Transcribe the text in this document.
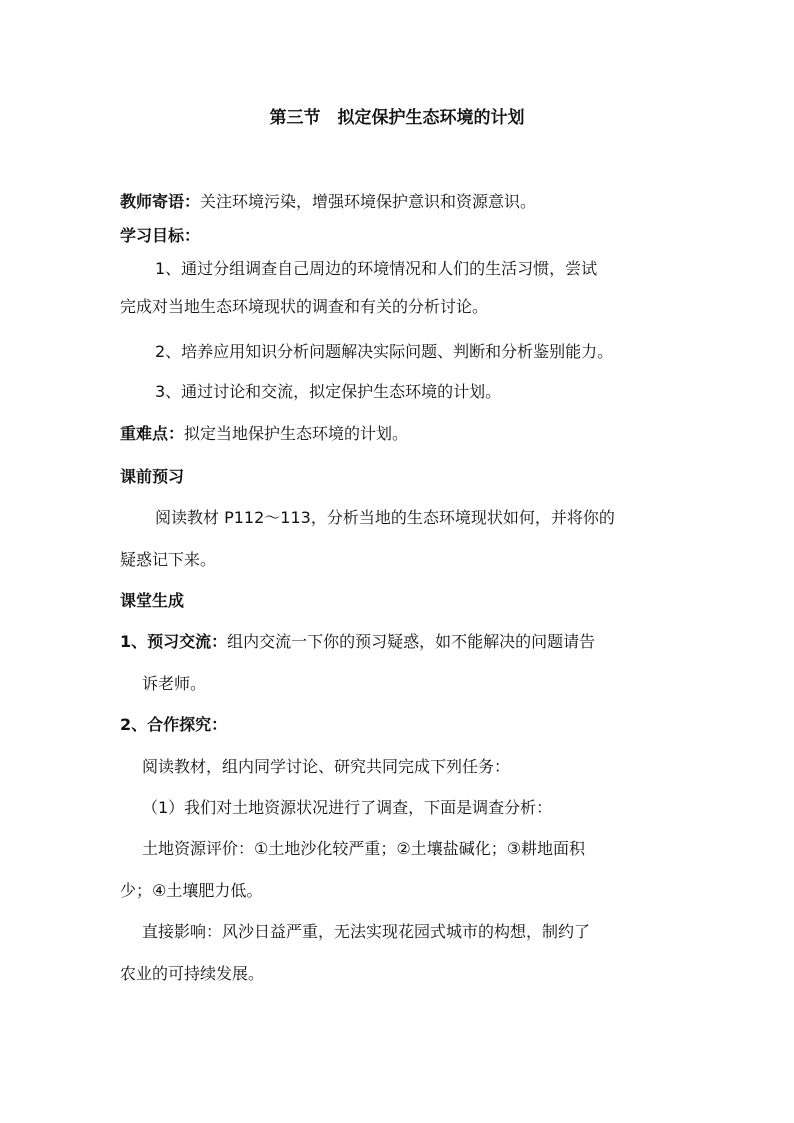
第三节　拟定保护生态环境的计划
教师寄语：关注环境污染，增强环境保护意识和资源意识。
学习目标：
1、通过分组调查自己周边的环境情况和人们的生活习惯，尝试
完成对当地生态环境现状的调查和有关的分析讨论。
2、培养应用知识分析问题解决实际问题、判断和分析鉴别能力。
3、通过讨论和交流，拟定保护生态环境的计划。
重难点：拟定当地保护生态环境的计划。
课前预习
阅读教材 P112～113，分析当地的生态环境现状如何，并将你的
疑惑记下来。
课堂生成
1、预习交流：组内交流一下你的预习疑惑，如不能解决的问题请告
诉老师。
2、合作探究：
阅读教材，组内同学讨论、研究共同完成下列任务：
（1）我们对土地资源状况进行了调查，下面是调查分析：
土地资源评价：①土地沙化较严重；②土壤盐碱化；③耕地面积
少；④土壤肥力低。
直接影响：风沙日益严重，无法实现花园式城市的构想，制约了
农业的可持续发展。
